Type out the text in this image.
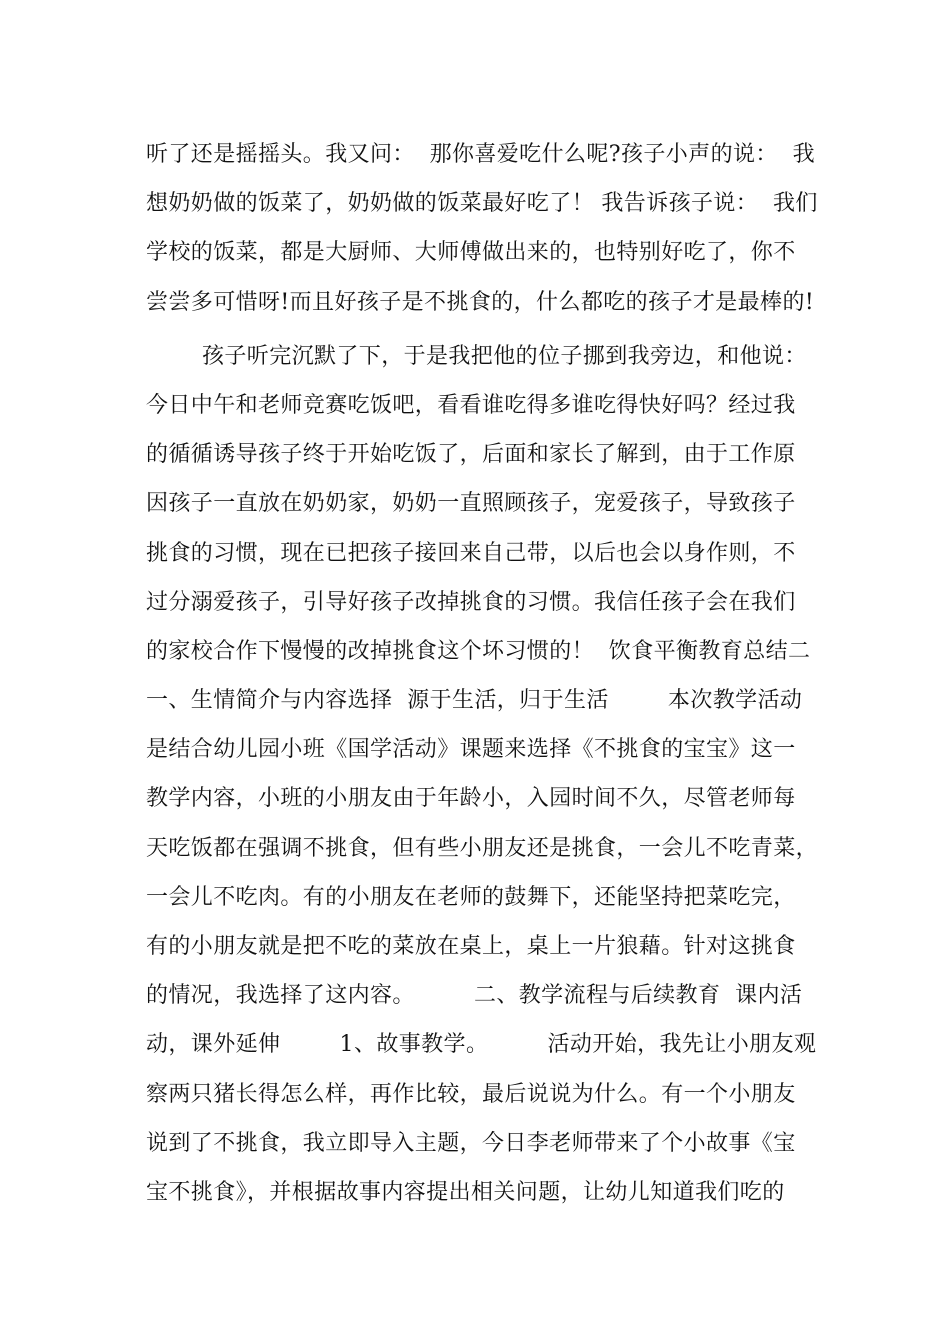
听了还是摇摇头。我又问：  那你喜爱吃什么呢?孩子小声的说：  我
想奶奶做的饭菜了，奶奶做的饭菜最好吃了！ 我告诉孩子说：  我们
学校的饭菜，都是大厨师、大师傅做出来的，也特别好吃了，你不
尝尝多可惜呀!而且好孩子是不挑食的，什么都吃的孩子才是最棒的!
孩子听完沉默了下，于是我把他的位子挪到我旁边，和他说：
今日中午和老师竞赛吃饭吧，看看谁吃得多谁吃得快好吗？经过我
的循循诱导孩子终于开始吃饭了，后面和家长了解到，由于工作原
因孩子一直放在奶奶家，奶奶一直照顾孩子，宠爱孩子，导致孩子
挑食的习惯，现在已把孩子接回来自己带，以后也会以身作则，不
过分溺爱孩子，引导好孩子改掉挑食的习惯。我信任孩子会在我们
的家校合作下慢慢的改掉挑食这个坏习惯的！  饮食平衡教育总结二
一、生情简介与内容选择  源于生活，归于生活        本次教学活动
是结合幼儿园小班《国学活动》课题来选择《不挑食的宝宝》这一
教学内容，小班的小朋友由于年龄小，入园时间不久，尽管老师每
天吃饭都在强调不挑食，但有些小朋友还是挑食，一会儿不吃青菜，
一会儿不吃肉。有的小朋友在老师的鼓舞下，还能坚持把菜吃完，
有的小朋友就是把不吃的菜放在桌上，桌上一片狼藉。针对这挑食
的情况，我选择了这内容。        二、教学流程与后续教育  课内活
动，课外延伸        1、故事教学。        活动开始，我先让小朋友观
察两只猪长得怎么样，再作比较，最后说说为什么。有一个小朋友
说到了不挑食，我立即导入主题，今日李老师带来了个小故事《宝
宝不挑食》，并根据故事内容提出相关问题，让幼儿知道我们吃的
